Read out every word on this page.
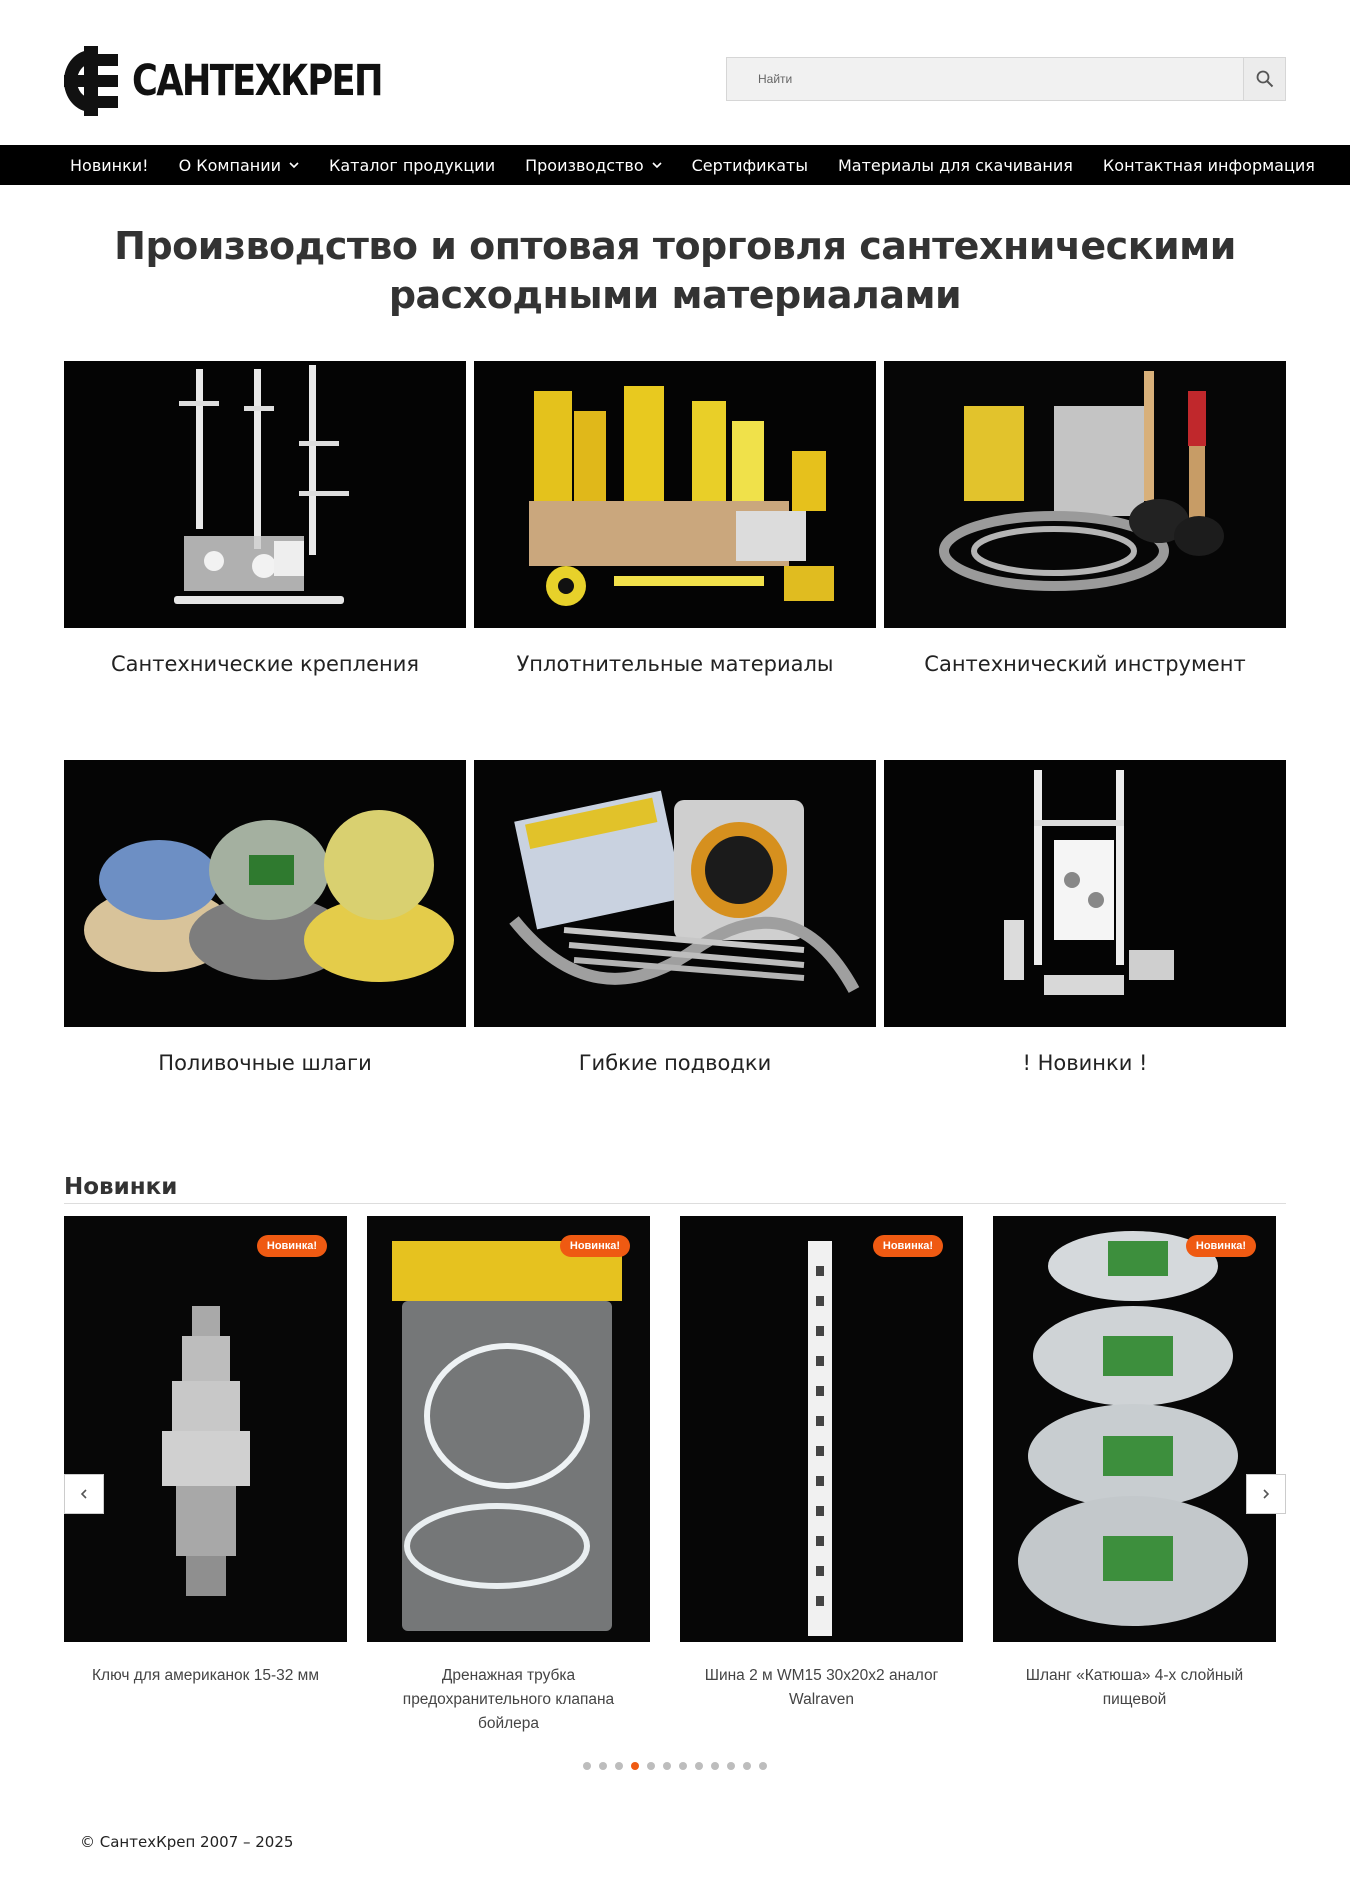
САНТЕХКРЕП
Найти
Новинки! О Компании	Каталог продукции Производство	Сертификаты Материалы для скачивания Контактная информация
Производство и оптовая торговля сантехническими
расходными материалами
Сантехнические крепления	Уплотнительные материалы	Сантехнический инструмент
Поливочные шлаги	Гибкие подводки	! Новинки !
Новинки
Новинка!
Ключ для американок 15-32 мм
Новинка!
Дренажная трубка предохранительного клапана бойлера
Новинка!
Шина 2 м WM15 30x20x2 аналог Walraven
Новинка!
Шланг «Катюша» 4-х слойный пищевой
© СантехКреп 2007 – 2025
